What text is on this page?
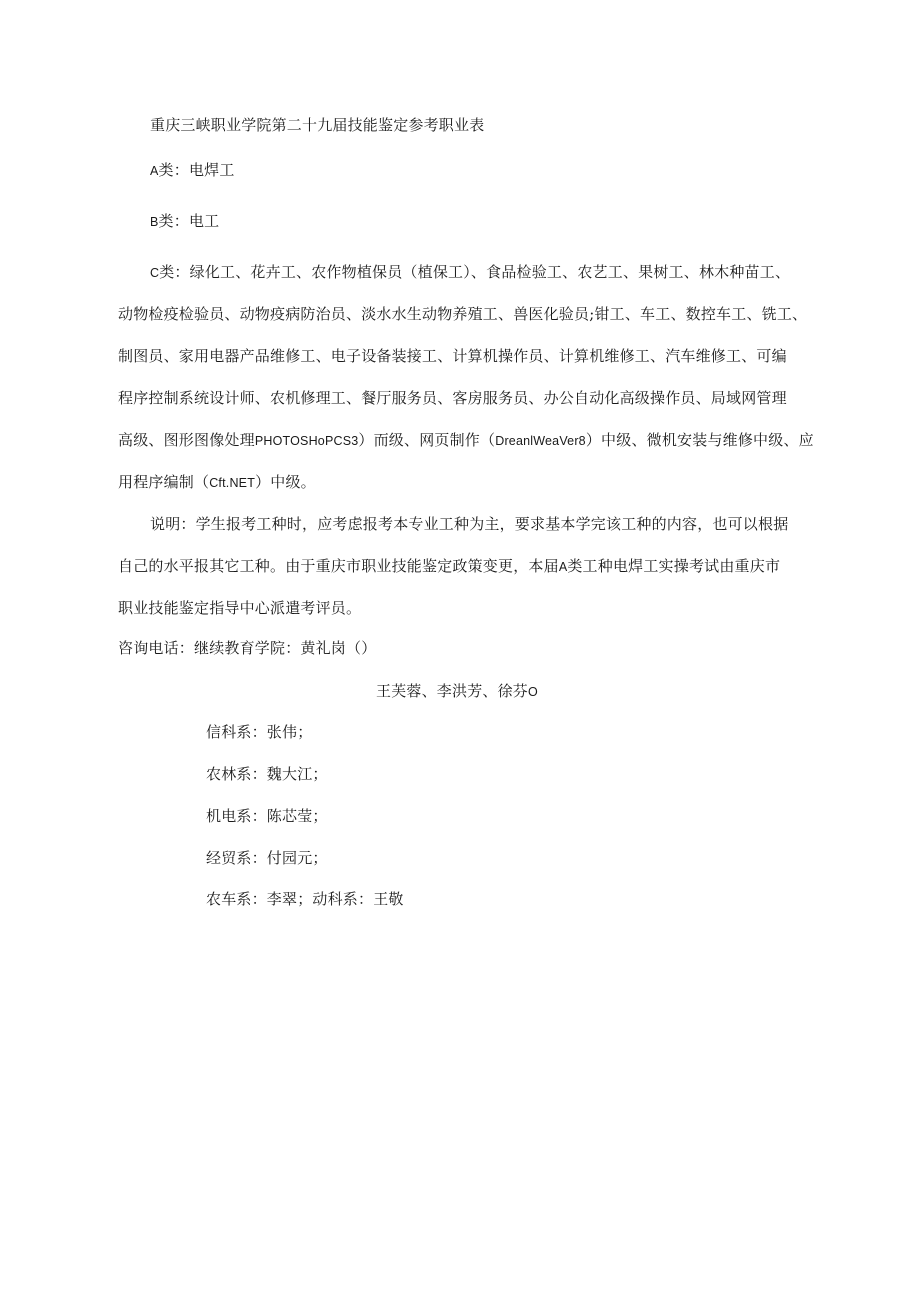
重庆三峡职业学院第二十九届技能鉴定参考职业表
A类：电焊工
B类：电工
C类：绿化工、花卉工、农作物植保员（植保工）、食品检验工、农艺工、果树工、林木种苗工、
动物检疫检验员、动物疫病防治员、淡水水生动物养殖工、兽医化验员;钳工、车工、数控车工、铣工、
制图员、家用电器产品维修工、电子设备装接工、计算机操作员、计算机维修工、汽车维修工、可编
程序控制系统设计师、农机修理工、餐厅服务员、客房服务员、办公自动化高级操作员、局域网管理
高级、图形图像处理PHOTOSHoPCS3）而级、网页制作（DreanlWeaVer8）中级、微机安装与维修中级、应
用程序编制（Cft.NET）中级。
说明：学生报考工种时，应考虑报考本专业工种为主，要求基本学完该工种的内容，也可以根据
自己的水平报其它工种。由于重庆市职业技能鉴定政策变更，本届A类工种电焊工实操考试由重庆市
职业技能鉴定指导中心派遣考评员。
咨询电话：继续教育学院：黄礼岗（）
王芙蓉、李洪芳、徐芬O
信科系：张伟；
农林系：魏大江；
机电系：陈芯莹；
经贸系：付园元；
农车系：李翠；动科系：王敬
